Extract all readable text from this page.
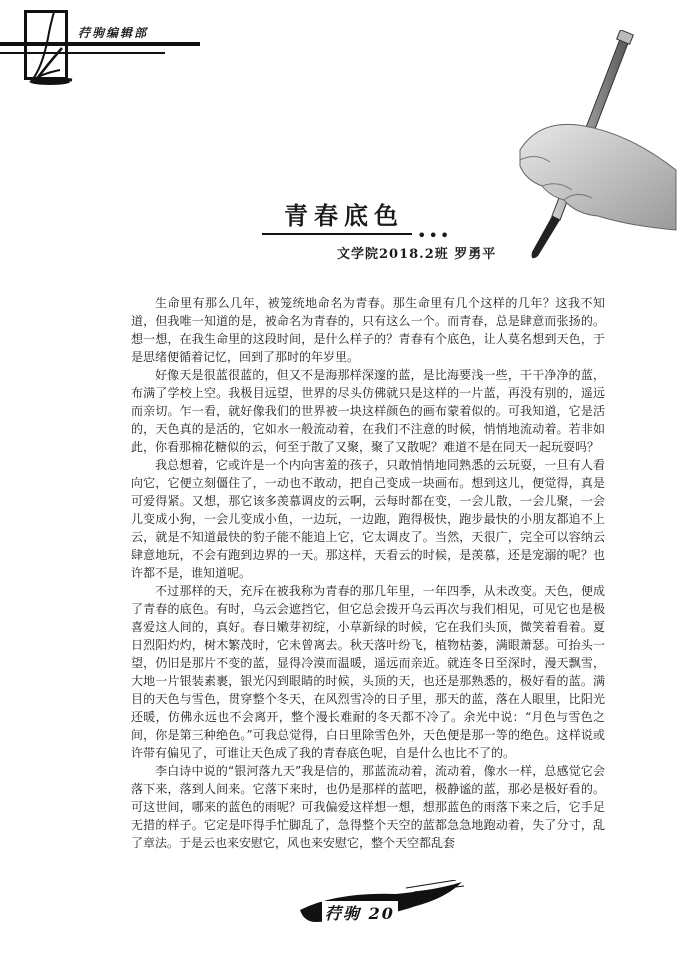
荇驹编辑部
青春底色
•••
文学院2018.2班 罗勇平

生命里有那么几年，被笼统地命名为青春。那生命里有几个这样的几年？这我不知道，但我唯一知道的是，被命名为青春的，只有这么一个。而青春，总是肆意而张扬的。想一想，在我生命里的这段时间，是什么样子的？青春有个底色，让人莫名想到天色，于是思绪便循着记忆，回到了那时的年岁里。

好像天是很蓝很蓝的，但又不是海那样深邃的蓝，是比海要浅一些，干干净净的蓝，布满了学校上空。我极目远望，世界的尽头仿佛就只是这样的一片蓝，再没有别的，遥远而亲切。乍一看，就好像我们的世界被一块这样颜色的画布蒙着似的。可我知道，它是活的，天色真的是活的，它如水一般流动着，在我们不注意的时候，悄悄地流动着。若非如此，你看那棉花糖似的云，何至于散了又聚，聚了又散呢？难道不是在同天一起玩耍吗？

我总想着，它或许是一个内向害羞的孩子，只敢悄悄地同熟悉的云玩耍，一旦有人看向它，它便立刻僵住了，一动也不敢动，把自己变成一块画布。想到这儿，便觉得，真是可爱得紧。又想，那它该多羡慕调皮的云啊，云每时都在变，一会儿散，一会儿聚，一会儿变成小狗，一会儿变成小鱼，一边玩，一边跑，跑得极快，跑步最快的小朋友都追不上云，就是不知道最快的豹子能不能追上它，它太调皮了。当然，天很广，完全可以容纳云肆意地玩，不会有跑到边界的一天。那这样，天看云的时候，是羡慕，还是宠溺的呢？也许都不是，谁知道呢。

不过那样的天，充斥在被我称为青春的那几年里，一年四季，从未改变。天色，便成了青春的底色。有时，乌云会遮挡它，但它总会拨开乌云再次与我们相见，可见它也是极喜爱这人间的，真好。春日嫩芽初绽，小草新绿的时候，它在我们头顶，微笑着看着。夏日烈阳灼灼，树木繁茂时，它未曾离去。秋天落叶纷飞，植物枯萎，满眼萧瑟。可抬头一望，仍旧是那片不变的蓝，显得冷漠而温暖，遥远而亲近。就连冬日至深时，漫天飘雪，大地一片银装素裹，银光闪到眼睛的时候，头顶的天，也还是那熟悉的，极好看的蓝。满目的天色与雪色，贯穿整个冬天，在风烈雪冷的日子里，那天的蓝，落在人眼里，比阳光还暖，仿佛永远也不会离开，整个漫长难耐的冬天都不冷了。余光中说：“月色与雪色之间，你是第三种绝色。”可我总觉得，白日里除雪色外，天色便是那一等的绝色。这样说或许带有偏见了，可谁让天色成了我的青春底色呢，自是什么也比不了的。

李白诗中说的“银河落九天”我是信的，那蓝流动着，流动着，像水一样，总感觉它会落下来，落到人间来。它落下来时，也仍是那样的蓝吧，极静谧的蓝，那必是极好看的。可这世间，哪来的蓝色的雨呢？可我偏爱这样想一想，想那蓝色的雨落下来之后，它手足无措的样子。它定是吓得手忙脚乱了，急得整个天空的蓝都急急地跑动着，失了分寸，乱了章法。于是云也来安慰它，风也来安慰它，整个天空都乱套

荇驹 20
